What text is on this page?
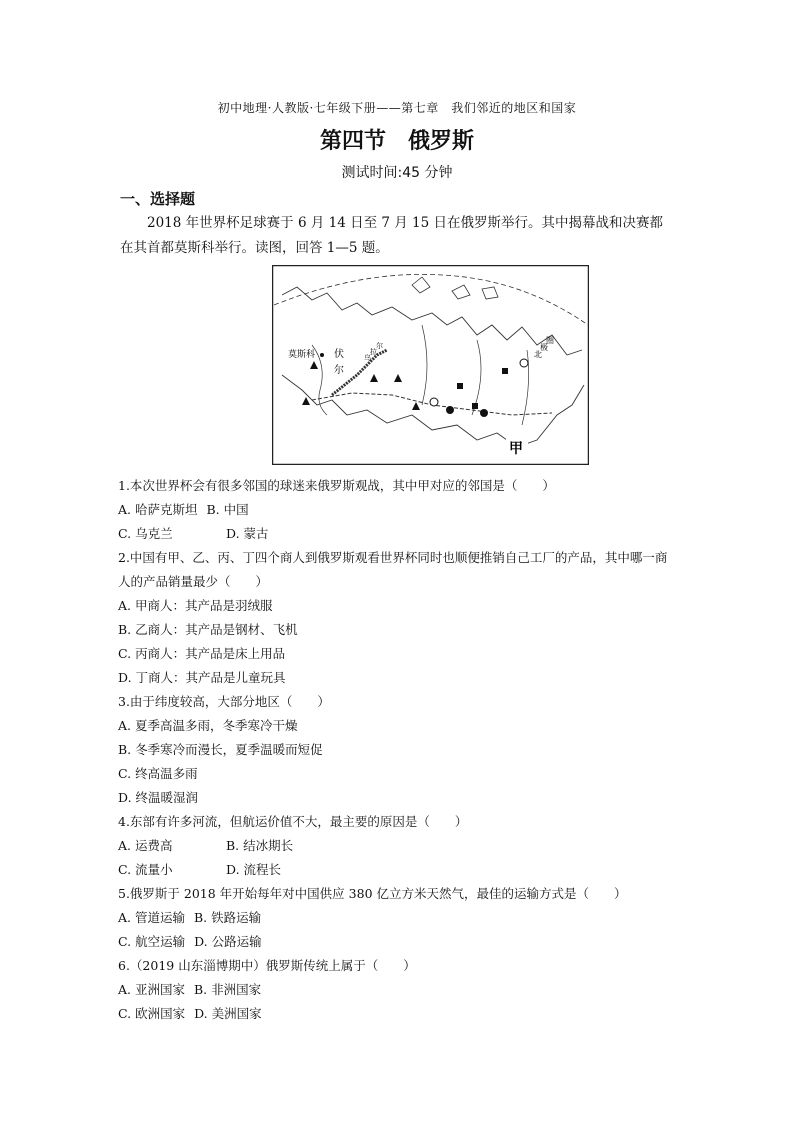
初中地理·人教版·七年级下册——第七章　我们邻近的地区和国家
第四节　俄罗斯
测试时间:45 分钟
一、选择题
2018 年世界杯足球赛于 6 月 14 日至 7 月 15 日在俄罗斯举行。其中揭幕战和决赛都在其首都莫斯科举行。读图，回答 1—5 题。
莫斯科 伏
尔
乌
拉
尔
北
极
圈
甲
1.本次世界杯会有很多邻国的球迷来俄罗斯观战，其中甲对应的邻国是（　　）
A. 哈萨克斯坦 B. 中国
C. 乌克兰	D. 蒙古
2.中国有甲、乙、丙、丁四个商人到俄罗斯观看世界杯同时也顺便推销自己工厂的产品，其中哪一商人的产品销量最少（　　）
A. 甲商人：其产品是羽绒服
B. 乙商人：其产品是钢材、飞机
C. 丙商人：其产品是床上用品
D. 丁商人：其产品是儿童玩具
3.由于纬度较高，大部分地区（　　）
A. 夏季高温多雨，冬季寒冷干燥
B. 冬季寒冷而漫长，夏季温暖而短促
C. 终高温多雨
D. 终温暖湿润
4.东部有许多河流，但航运价值不大，最主要的原因是（　　）
A. 运费高	B. 结冰期长
C. 流量小	D. 流程长
5.俄罗斯于 2018 年开始每年对中国供应 380 亿立方米天然气，最佳的运输方式是（　　）
A. 管道运输 B. 铁路运输
C. 航空运输 D. 公路运输
6.（2019 山东淄博期中）俄罗斯传统上属于（　　）
A. 亚洲国家 B. 非洲国家
C. 欧洲国家 D. 美洲国家
